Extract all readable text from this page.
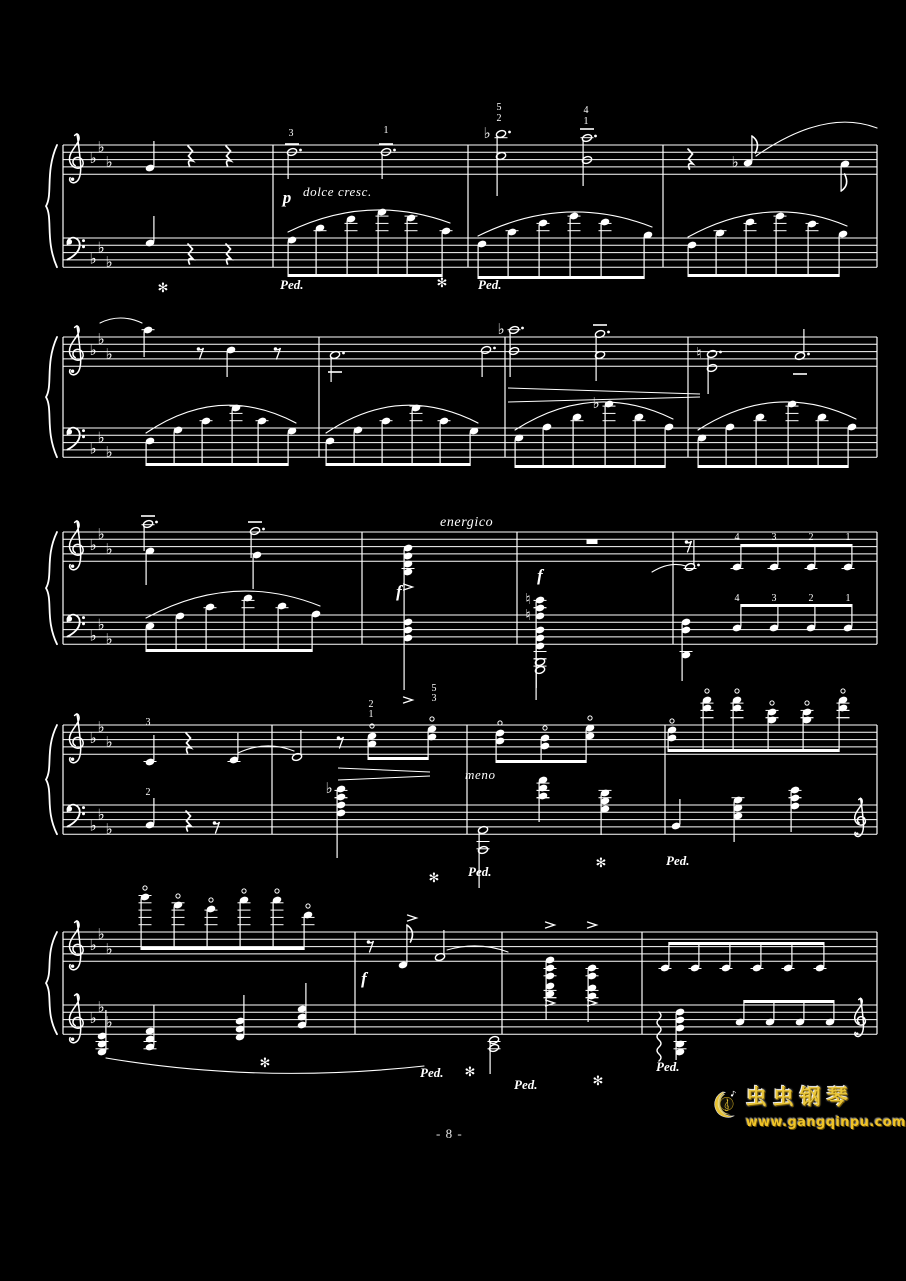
♭
♭
♭
♭
♭
♭
♭
♭
3	1
5
2
4
1
p dolce cresc.
✻	Ped.	✻ Ped.
♭
♭
♭
♭
♭
♭
♭
♮
♭
♭
♭
♭
♭
♭
♭
♮
♮
energico
f
f
4	3	2	1
4	3	2	1
♭
♭
♭
♭
♭
♭
♭
3
2
2
1
5
3
meno
✻ Ped.
✻	Ped.
♭
♭
♭
♭
♭
♭
f
✻
Ped. ✻
Ped.	✻
Ped.
- 8 -
虫虫钢琴
www.gangqinpu.com
